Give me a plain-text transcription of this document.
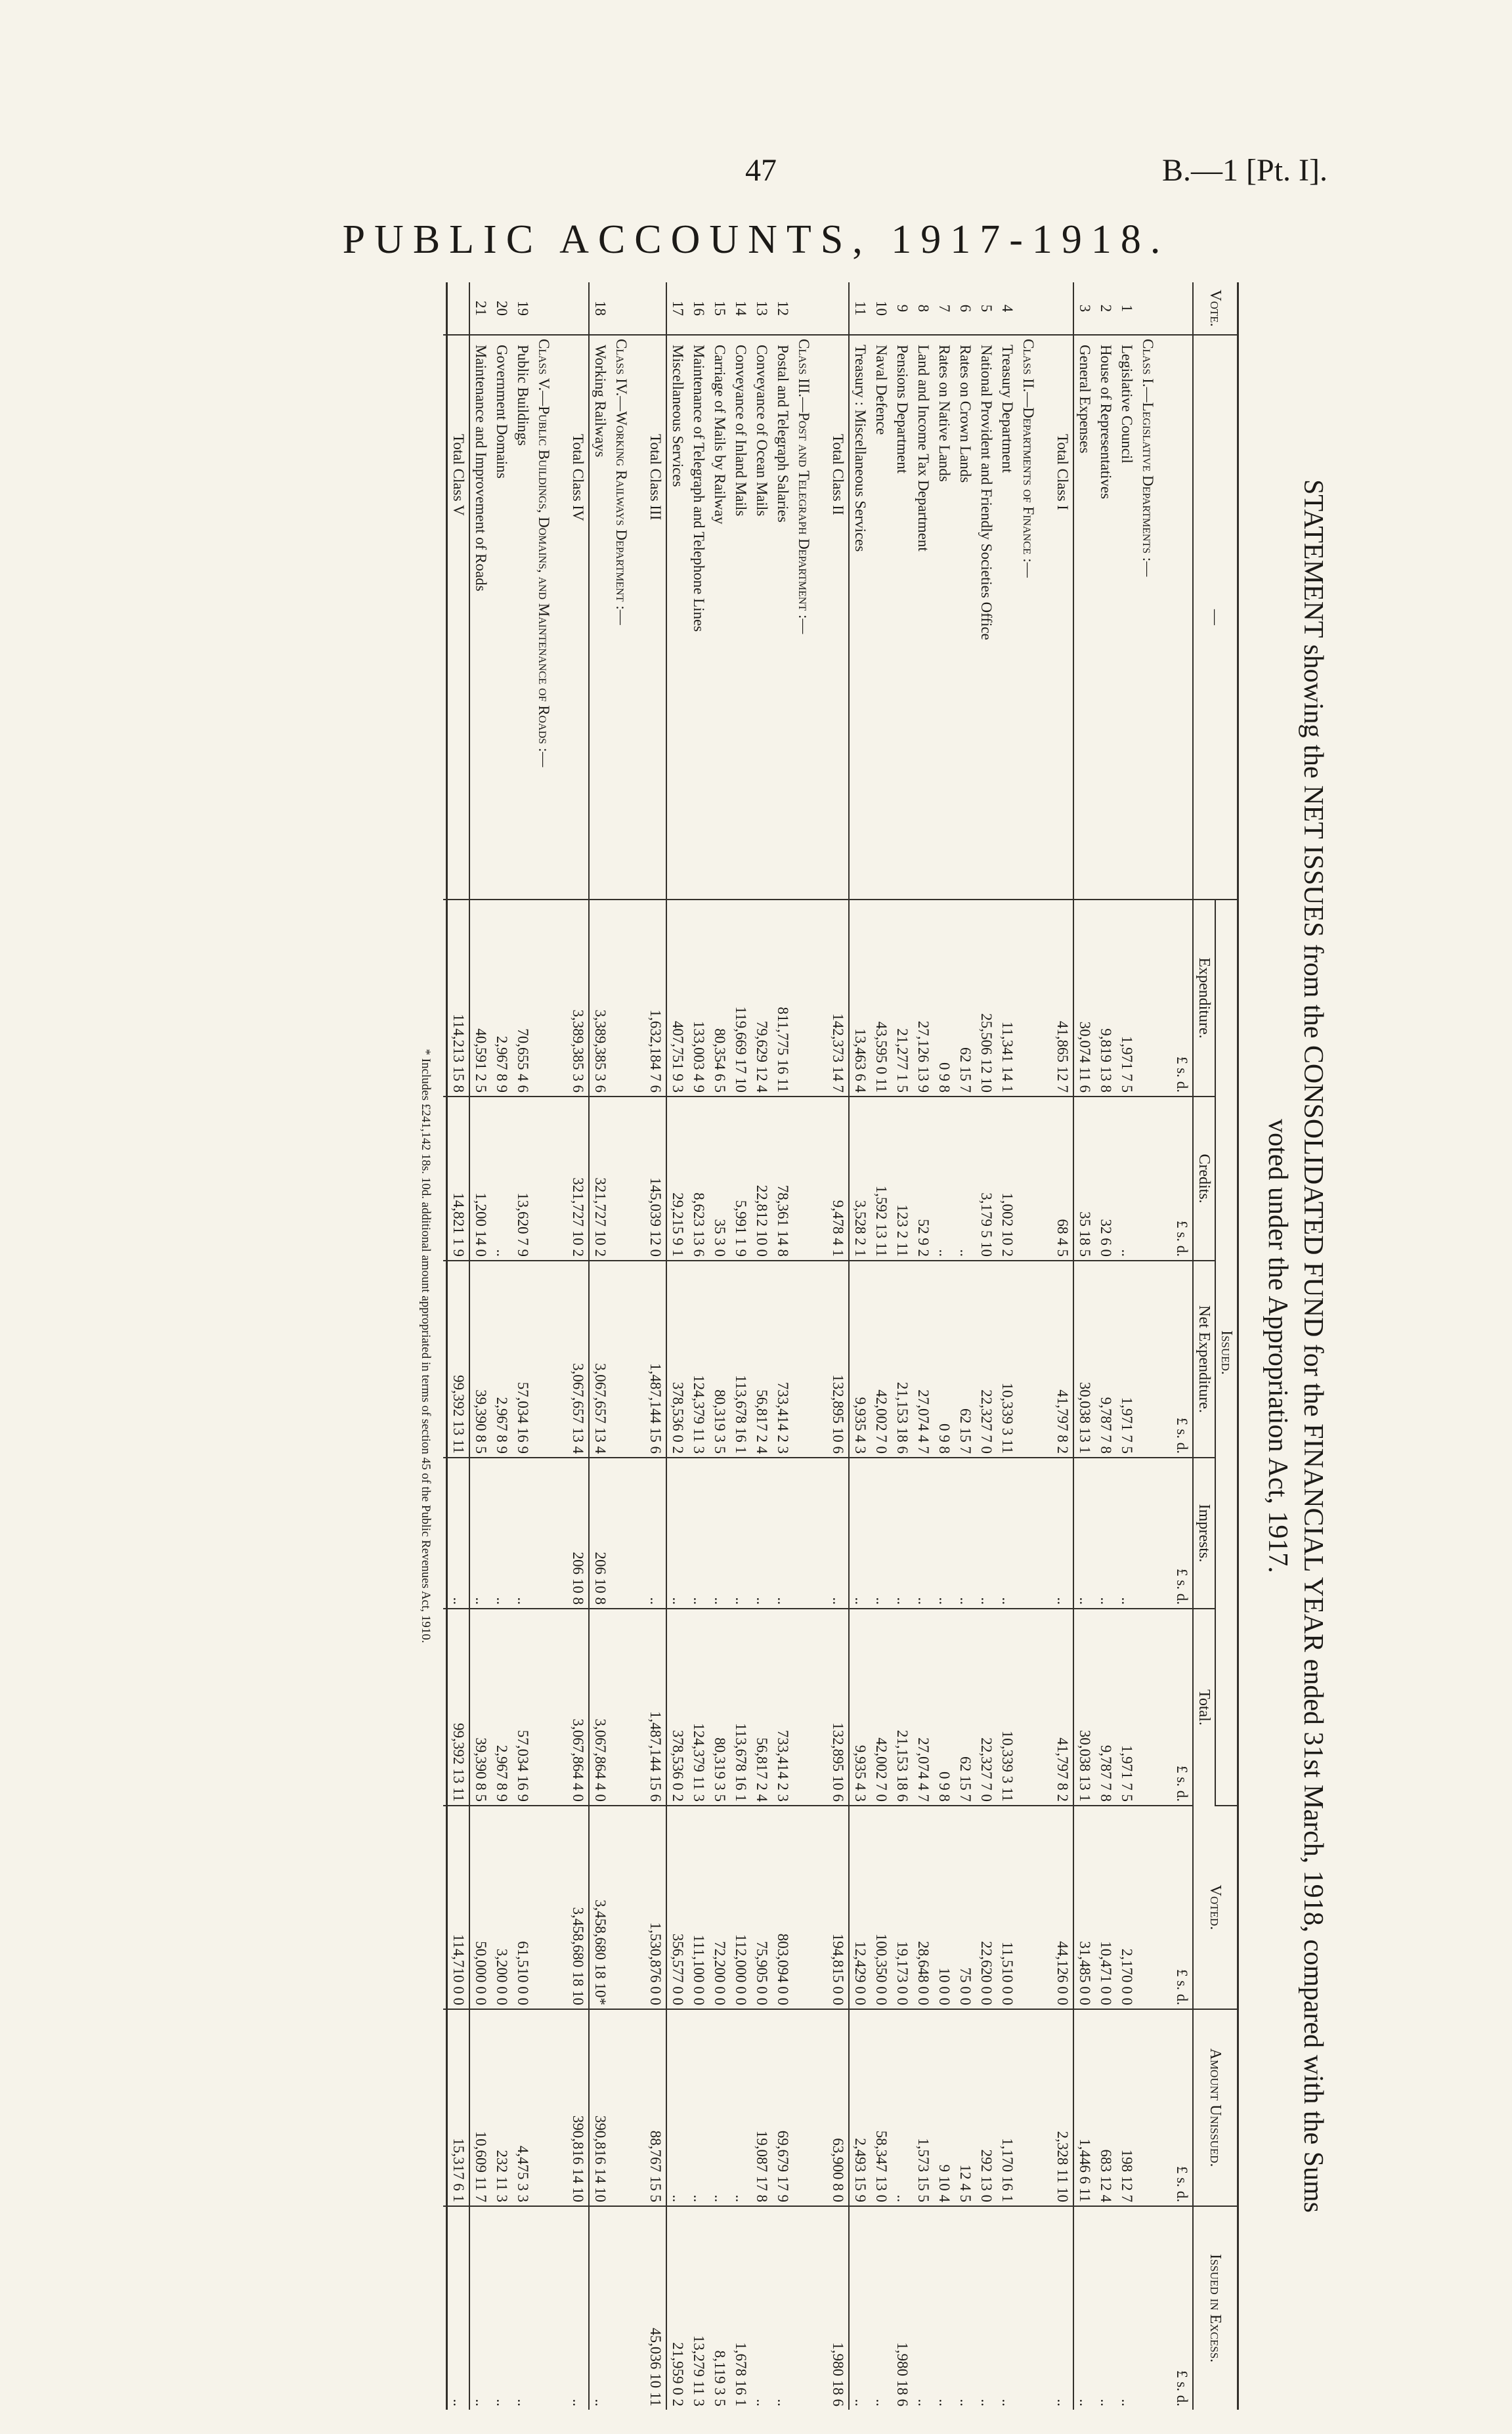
47	B.—1 [Pt. I].
PUBLIC ACCOUNTS, 1917-1918.
STATEMENT showing the NET ISSUES from the CONSOLIDATED FUND for the FINANCIAL YEAR ended 31st March, 1918, compared with the Sums
voted under the Appropriation Act, 1917.
Vote.	—	Issued.					Voted.	Amount Unissued.	Issued in Excess.
		Expenditure.	Credits.	Net Expenditure.	Imprests.	Total.			
		£ s. d.	£ s. d.	£ s. d.	£ s. d.	£ s. d.	£ s. d.	£ s. d.	£ s. d.

	Class I.—Legislative Departments :—								
1	Legislative Council	1,971 7 5	..	1,971 7 5	..	1,971 7 5	2,170 0 0	198 12 7	..
2	House of Representatives	9,819 13 8	32 6 0	9,787 7 8	..	9,787 7 8	10,471 0 0	683 12 4	..
3	General Expenses	30,074 11 6	35 18 5	30,038 13 1	..	30,038 13 1	31,485 0 0	1,446 6 11	..
	Total Class I	41,865 12 7	68 4 5	41,797 8 2	..	41,797 8 2	44,126 0 0	2,328 11 10	..

	Class II.—Departments of Finance :—								
4	Treasury Department	11,341 14 1	1,002 10 2	10,339 3 11	..	10,339 3 11	11,510 0 0	1,170 16 1	..
5	National Provident and Friendly Societies Office	25,506 12 10	3,179 5 10	22,327 7 0	..	22,327 7 0	22,620 0 0	292 13 0	..
6	Rates on Crown Lands	62 15 7	..	62 15 7	..	62 15 7	75 0 0	12 4 5	..
7	Rates on Native Lands	0 9 8	..	0 9 8	..	0 9 8	10 0 0	9 10 4	..
8	Land and Income Tax Department	27,126 13 9	52 9 2	27,074 4 7	..	27,074 4 7	28,648 0 0	1,573 15 5	..
9	Pensions Department	21,277 1 5	123 2 11	21,153 18 6	..	21,153 18 6	19,173 0 0	..	1,980 18 6
10	Naval Defence	43,595 0 11	1,592 13 11	42,002 7 0	..	42,002 7 0	100,350 0 0	58,347 13 0	..
11	Treasury : Miscellaneous Services	13,463 6 4	3,528 2 1	9,935 4 3	..	9,935 4 3	12,429 0 0	2,493 15 9	..
	Total Class II	142,373 14 7	9,478 4 1	132,895 10 6	..	132,895 10 6	194,815 0 0	63,900 8 0	1,980 18 6

	Class III.—Post and Telegraph Department :—								
12	Postal and Telegraph Salaries	811,775 16 11	78,361 14 8	733,414 2 3	..	733,414 2 3	803,094 0 0	69,679 17 9	..
13	Conveyance of Ocean Mails	79,629 12 4	22,812 10 0	56,817 2 4	..	56,817 2 4	75,905 0 0	19,087 17 8	..
14	Conveyance of Inland Mails	119,669 17 10	5,991 1 9	113,678 16 1	..	113,678 16 1	112,000 0 0	..	1,678 16 1
15	Carriage of Mails by Railway	80,354 6 5	35 3 0	80,319 3 5	..	80,319 3 5	72,200 0 0	..	8,119 3 5
16	Maintenance of Telegraph and Telephone Lines	133,003 4 9	8,623 13 6	124,379 11 3	..	124,379 11 3	111,100 0 0	..	13,279 11 3
17	Miscellaneous Services	407,751 9 3	29,215 9 1	378,536 0 2	..	378,536 0 2	356,577 0 0	..	21,959 0 2
	Total Class III	1,632,184 7 6	145,039 12 0	1,487,144 15 6	..	1,487,144 15 6	1,530,876 0 0	88,767 15 5	45,036 10 11

	Class IV.—Working Railways Department :—								
18	Working Railways	3,389,385 3 6	321,727 10 2	3,067,657 13 4	206 10 8	3,067,864 4 0	3,458,680 18 10*	390,816 14 10	..
	Total Class IV	3,389,385 3 6	321,727 10 2	3,067,657 13 4	206 10 8	3,067,864 4 0	3,458,680 18 10	390,816 14 10	..

	Class V.—Public Buildings, Domains, and Maintenance of Roads :—								
19	Public Buildings	70,655 4 6	13,620 7 9	57,034 16 9	..	57,034 16 9	61,510 0 0	4,475 3 3	..
20	Government Domains	2,967 8 9	..	2,967 8 9	..	2,967 8 9	3,200 0 0	232 11 3	..
21	Maintenance and Improvement of Roads	40,591 2 5	1,200 14 0	39,390 8 5	..	39,390 8 5	50,000 0 0	10,609 11 7	..
	Total Class V	114,213 15 8	14,821 1 9	99,392 13 11	..	99,392 13 11	114,710 0 0	15,317 6 1	..

* Includes £241,142 18s. 10d. additional amount appropriated in terms of section 45 of the Public Revenues Act, 1910.
